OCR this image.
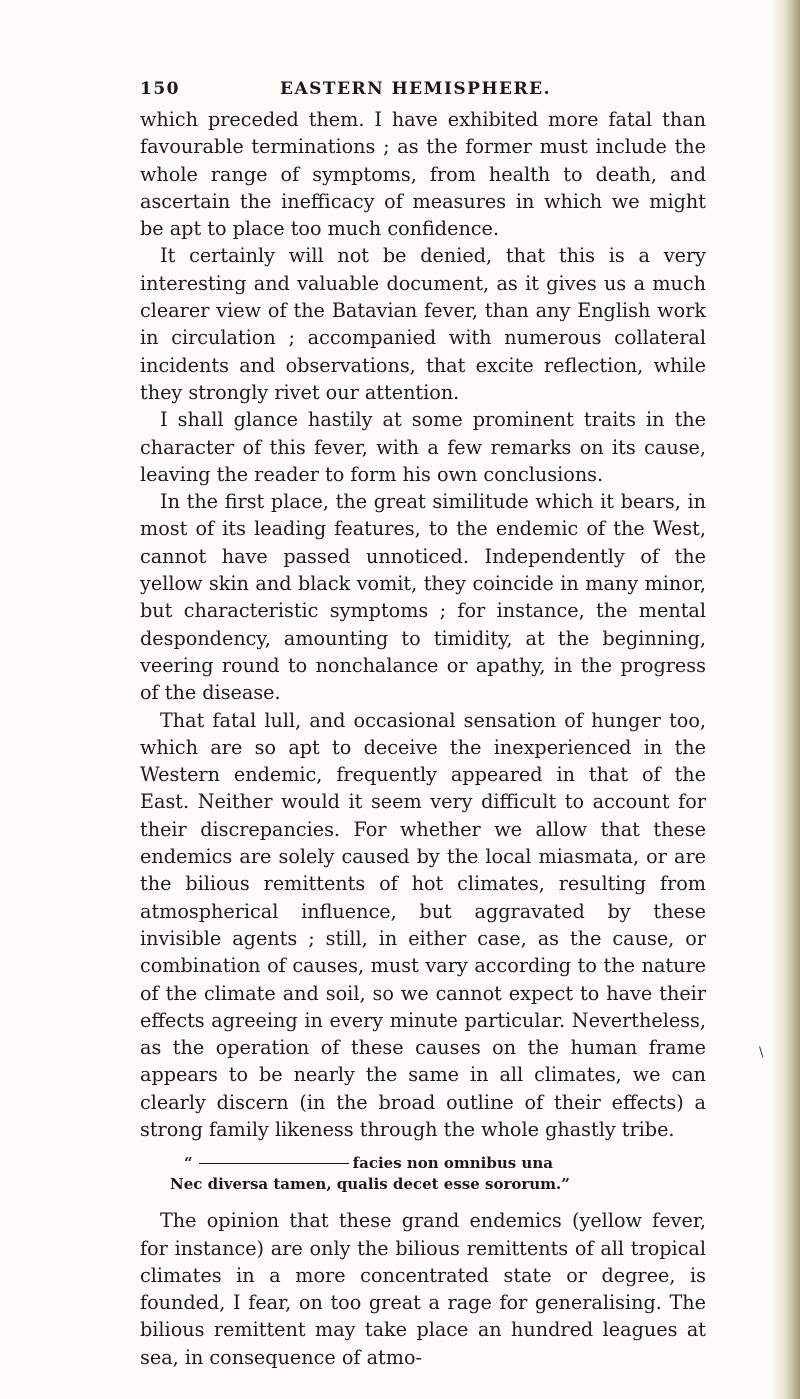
150	EASTERN HEMISPHERE.

which preceded them. I have exhibited more fatal than favourable terminations ; as the former must include the whole range of symptoms, from health to death, and ascertain the inefficacy of measures in which we might be apt to place too much confidence.

It certainly will not be denied, that this is a very interesting and valuable document, as it gives us a much clearer view of the Batavian fever, than any English work in circulation ; accompanied with numerous collateral incidents and observations, that excite reflection, while they strongly rivet our attention.

I shall glance hastily at some prominent traits in the character of this fever, with a few remarks on its cause, leaving the reader to form his own conclusions.

In the first place, the great similitude which it bears, in most of its leading features, to the endemic of the West, cannot have passed unnoticed. Independently of the yellow skin and black vomit, they coincide in many minor, but characteristic symptoms ; for instance, the mental despondency, amounting to timidity, at the beginning, veering round to nonchalance or apathy, in the progress of the disease.

That fatal lull, and occasional sensation of hunger too, which are so apt to deceive the inexperienced in the Western endemic, frequently appeared in that of the East. Neither would it seem very difficult to account for their discrepancies. For whether we allow that these endemics are solely caused by the local miasmata, or are the bilious remittents of hot climates, resulting from atmospherical influence, but aggravated by these invisible agents ; still, in either case, as the cause, or combination of causes, must vary according to the nature of the climate and soil, so we cannot expect to have their effects agreeing in every minute particular. Nevertheless, as the operation of these causes on the human frame appears to be nearly the same in all climates, we can clearly discern (in the broad outline of their effects) a strong family likeness through the whole ghastly tribe.

“	facies non omnibus una
Nec diversa tamen, qualis decet esse sororum.”

The opinion that these grand endemics (yellow fever, for instance) are only the bilious remittents of all tropical climates in a more concentrated state or degree, is founded, I fear, on too great a rage for generalising. The bilious remittent may take place an hundred leagues at sea, in consequence of atmo-

\
